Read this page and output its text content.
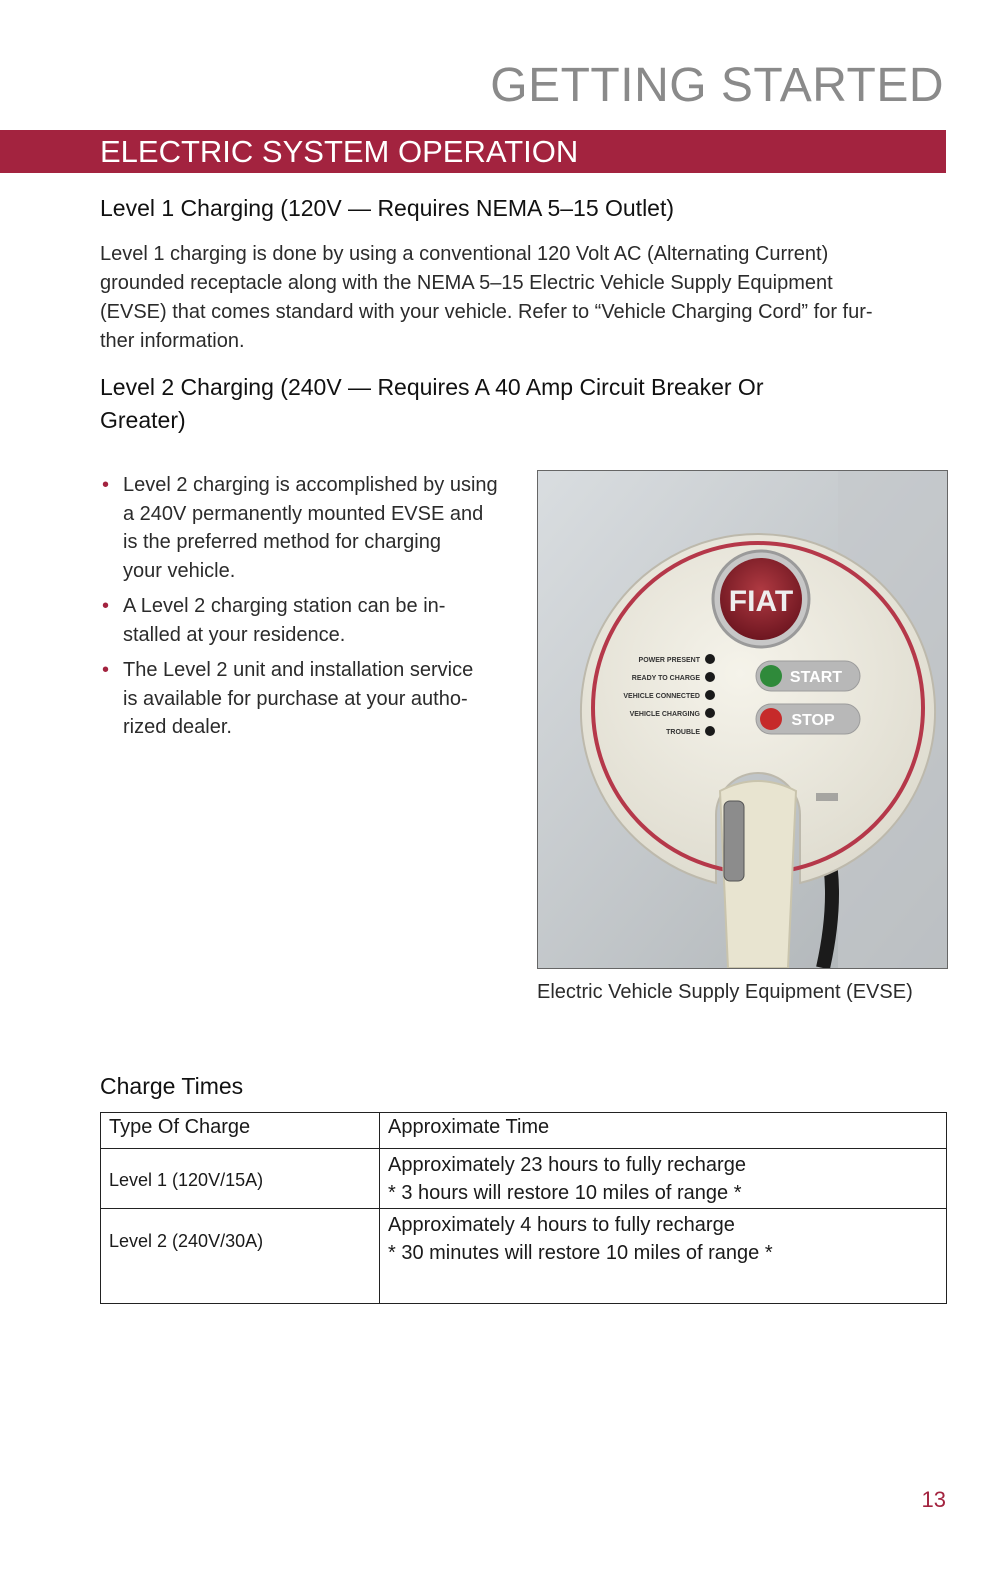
GETTING STARTED
ELECTRIC SYSTEM OPERATION
Level 1 Charging (120V — Requires NEMA 5–15 Outlet)
Level 1 charging is done by using a conventional 120 Volt AC (Alternating Current)
grounded receptacle along with the NEMA 5–15 Electric Vehicle Supply Equipment
(EVSE) that comes standard with your vehicle. Refer to “Vehicle Charging Cord” for fur-
ther information.
Level 2 Charging (240V — Requires A 40 Amp Circuit Breaker Or
Greater)
• Level 2 charging is accomplished by using
a 240V permanently mounted EVSE and
is the preferred method for charging
your vehicle.
• A Level 2 charging station can be in-
stalled at your residence.
• The Level 2 unit and installation service
is available for purchase at your autho-
rized dealer.
FIAT
POWER PRESENT
READY TO CHARGE
VEHICLE CONNECTED
VEHICLE CHARGING
TROUBLE
START
STOP
Electric Vehicle Supply Equipment (EVSE)
Charge Times
Type Of Charge	Approximate Time
Level 1 (120V/15A)	Approximately 23 hours to fully recharge
* 3 hours will restore 10 miles of range *

Level 2 (240V/30A)	Approximately 4 hours to fully recharge
* 30 minutes will restore 10 miles of range *
13
